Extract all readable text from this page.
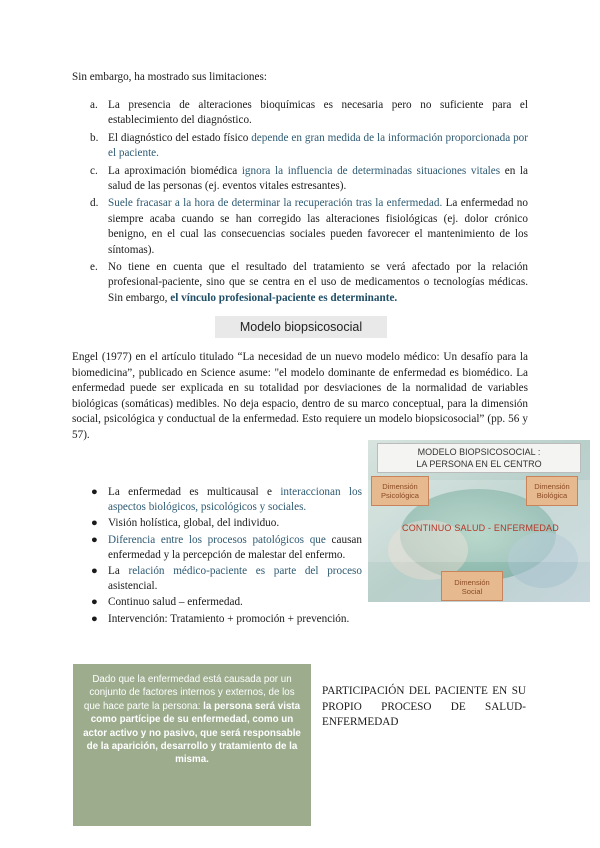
Sin embargo, ha mostrado sus limitaciones:
a. La presencia de alteraciones bioquímicas es necesaria pero no suficiente para el establecimiento del diagnóstico.
b. El diagnóstico del estado físico depende en gran medida de la información proporcionada por el paciente.
c. La aproximación biomédica ignora la influencia de determinadas situaciones vitales en la salud de las personas (ej. eventos vitales estresantes).
d. Suele fracasar a la hora de determinar la recuperación tras la enfermedad. La enfermedad no siempre acaba cuando se han corregido las alteraciones fisiológicas (ej. dolor crónico benigno, en el cual las consecuencias sociales pueden favorecer el mantenimiento de los síntomas).
e. No tiene en cuenta que el resultado del tratamiento se verá afectado por la relación profesional-paciente, sino que se centra en el uso de medicamentos o tecnologías médicas. Sin embargo, el vínculo profesional-paciente es determinante.
Modelo biopsicosocial
Engel (1977) en el artículo titulado “La necesidad de un nuevo modelo médico: Un desafío para la biomedicina”, publicado en Science asume: "el modelo dominante de enfermedad es biomédico. La enfermedad puede ser explicada en su totalidad por desviaciones de la normalidad de variables biológicas (somáticas) medibles. No deja espacio, dentro de su marco conceptual, para la dimensión social, psicológica y conductual de la enfermedad. Esto requiere un modelo biopsicosocial” (pp. 56 y 57).
● La enfermedad es multicausal e interaccionan los aspectos biológicos, psicológicos y sociales.
● Visión holística, global, del individuo.
● Diferencia entre los procesos patológicos que causan enfermedad y la percepción de malestar del enfermo.
● La relación médico-paciente es parte del proceso asistencial.
● Continuo salud – enfermedad.
● Intervención: Tratamiento + promoción + prevención.
MODELO BIOPSICOSOCIAL :
LA PERSONA EN EL CENTRO
Dimensión
Psicológica
Dimensión
Biológica
CONTINUO SALUD - ENFERMEDAD
Dimensión
Social
Dado que la enfermedad está causada por un conjunto de factores internos y externos, de los que hace parte la persona: la persona será vista como partícipe de su enfermedad, como un actor activo y no pasivo, que será responsable de la aparición, desarrollo y tratamiento de la misma.
PARTICIPACIÓN DEL PACIENTE EN SU PROPIO PROCESO DE SALUD-ENFERMEDAD
